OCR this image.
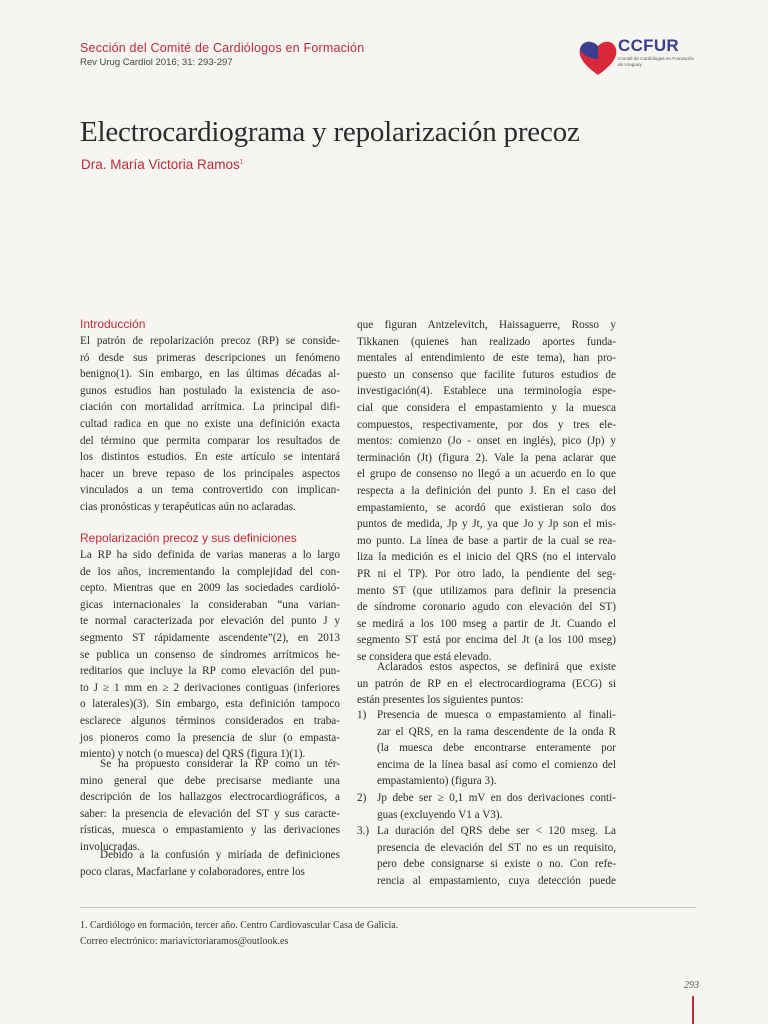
Sección del Comité de Cardiólogos en Formación
Rev Urug Cardiol 2016; 31: 293-297
CCFUR
Comité de Cardiólogos en Formación de Uruguay
Electrocardiograma y repolarización precoz
Dra. María Victoria Ramos$^1$
Introducción
El patrón de repolarización precoz (RP) se conside-
ró desde sus primeras descripciones un fenómeno
benigno(1). Sin embargo, en las últimas décadas al-
gunos estudios han postulado la existencia de aso-
ciación con mortalidad arrítmica. La principal difi-
cultad radica en que no existe una definición exacta
del término que permita comparar los resultados de
los distintos estudios. En este artículo se intentará
hacer un breve repaso de los principales aspectos
vinculados a un tema controvertido con implican-
cias pronósticas y terapéuticas aún no aclaradas.
Repolarización precoz y sus definiciones
La RP ha sido definida de varias maneras a lo largo
de los años, incrementando la complejidad del con-
cepto. Mientras que en 2009 las sociedades cardioló-
gicas internacionales la consideraban “una varian-
te normal caracterizada por elevación del punto J y
segmento ST rápidamente ascendente”(2), en 2013
se publica un consenso de síndromes arrítmicos he-
reditarios que incluye la RP como elevación del pun-
to J ≥ 1 mm en ≥ 2 derivaciones contiguas (inferiores
o laterales)(3). Sin embargo, esta definición tampoco
esclarece algunos términos considerados en traba-
jos pioneros como la presencia de slur (o empasta-
miento) y notch (o muesca) del QRS (figura 1)(1).
Se ha propuesto considerar la RP como un tér-
mino general que debe precisarse mediante una
descripción de los hallazgos electrocardiográficos, a
saber: la presencia de elevación del ST y sus caracte-
rísticas, muesca o empastamiento y las derivaciones
involucradas.
Debido a la confusión y miríada de definiciones
poco claras, Macfarlane y colaboradores, entre los
que figuran Antzelevitch, Haissaguerre, Rosso y
Tikkanen (quienes han realizado aportes funda-
mentales al entendimiento de este tema), han pro-
puesto un consenso que facilite futuros estudios de
investigación(4). Establece una terminología espe-
cial que considera el empastamiento y la muesca
compuestos, respectivamente, por dos y tres ele-
mentos: comienzo (Jo - onset en inglés), pico (Jp) y
terminación (Jt) (figura 2). Vale la pena aclarar que
el grupo de consenso no llegó a un acuerdo en lo que
respecta a la definición del punto J. En el caso del
empastamiento, se acordó que existieran solo dos
puntos de medida, Jp y Jt, ya que Jo y Jp son el mis-
mo punto. La línea de base a partir de la cual se rea-
liza la medición es el inicio del QRS (no el intervalo
PR ni el TP). Por otro lado, la pendiente del seg-
mento ST (que utilizamos para definir la presencia
de síndrome coronario agudo con elevación del ST)
se medirá a los 100 mseg a partir de Jt. Cuando el
segmento ST está por encima del Jt (a los 100 mseg)
se considera que está elevado.
Aclarados estos aspectos, se definirá que existe
un patrón de RP en el electrocardiograma (ECG) si
están presentes los siguientes puntos:
1) Presencia de muesca o empastamiento al finali-
zar el QRS, en la rama descendente de la onda R
(la muesca debe encontrarse enteramente por
encima de la línea basal así como el comienzo del
empastamiento) (figura 3).
2) Jp debe ser ≥ 0,1 mV en dos derivaciones conti-
guas (excluyendo V1 a V3).
3.) La duración del QRS debe ser < 120 mseg. La
presencia de elevación del ST no es un requisito,
pero debe consignarse si existe o no. Con refe-
rencia al empastamiento, cuya detección puede
1. Cardiólogo en formación, tercer año. Centro Cardiovascular Casa de Galicia.
Correo electrónico: mariavictoriaramos@outlook.es
293
